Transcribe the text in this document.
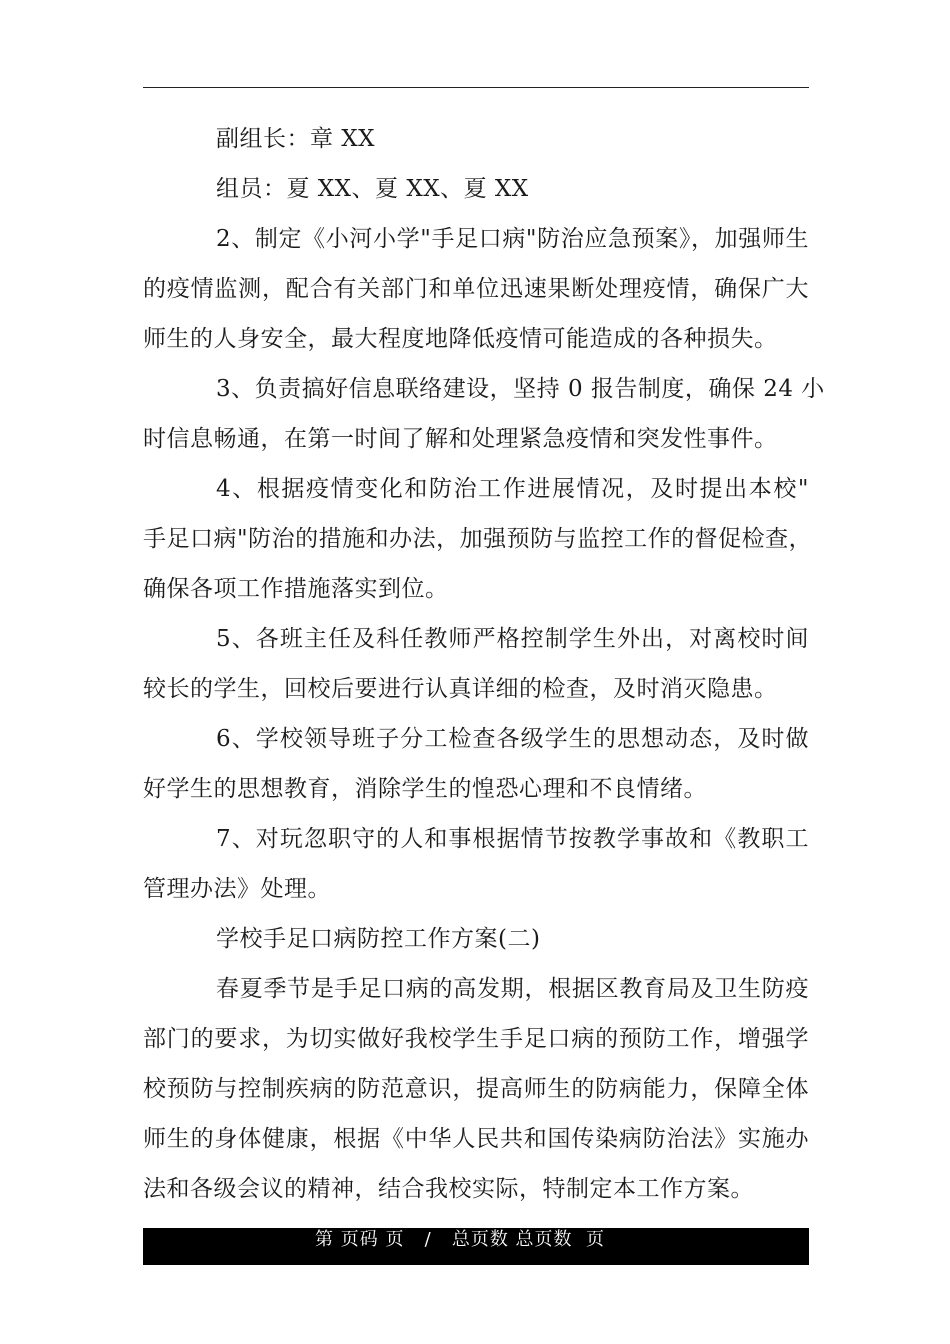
副组长：章 XX
组员：夏 XX、夏 XX、夏 XX
2、制定《小河小学"手足口病"防治应急预案》，加强师生
的疫情监测，配合有关部门和单位迅速果断处理疫情，确保广大
师生的人身安全，最大程度地降低疫情可能造成的各种损失。
3、负责搞好信息联络建设，坚持 0 报告制度，确保 24 小
时信息畅通，在第一时间了解和处理紧急疫情和突发性事件。
4、根据疫情变化和防治工作进展情况，及时提出本校"
手足口病"防治的措施和办法，加强预防与监控工作的督促检查，
确保各项工作措施落实到位。
5、各班主任及科任教师严格控制学生外出，对离校时间
较长的学生，回校后要进行认真详细的检查，及时消灭隐患。
6、学校领导班子分工检查各级学生的思想动态，及时做
好学生的思想教育，消除学生的惶恐心理和不良情绪。
7、对玩忽职守的人和事根据情节按教学事故和《教职工
管理办法》处理。
学校手足口病防控工作方案(二)
春夏季节是手足口病的高发期，根据区教育局及卫生防疫
部门的要求，为切实做好我校学生手足口病的预防工作，增强学
校预防与控制疾病的防范意识，提高师生的防病能力，保障全体
师生的身体健康，根据《中华人民共和国传染病防治法》实施办
法和各级会议的精神，结合我校实际，特制定本工作方案。
第 页码 页   /   总页数 总页数  页
